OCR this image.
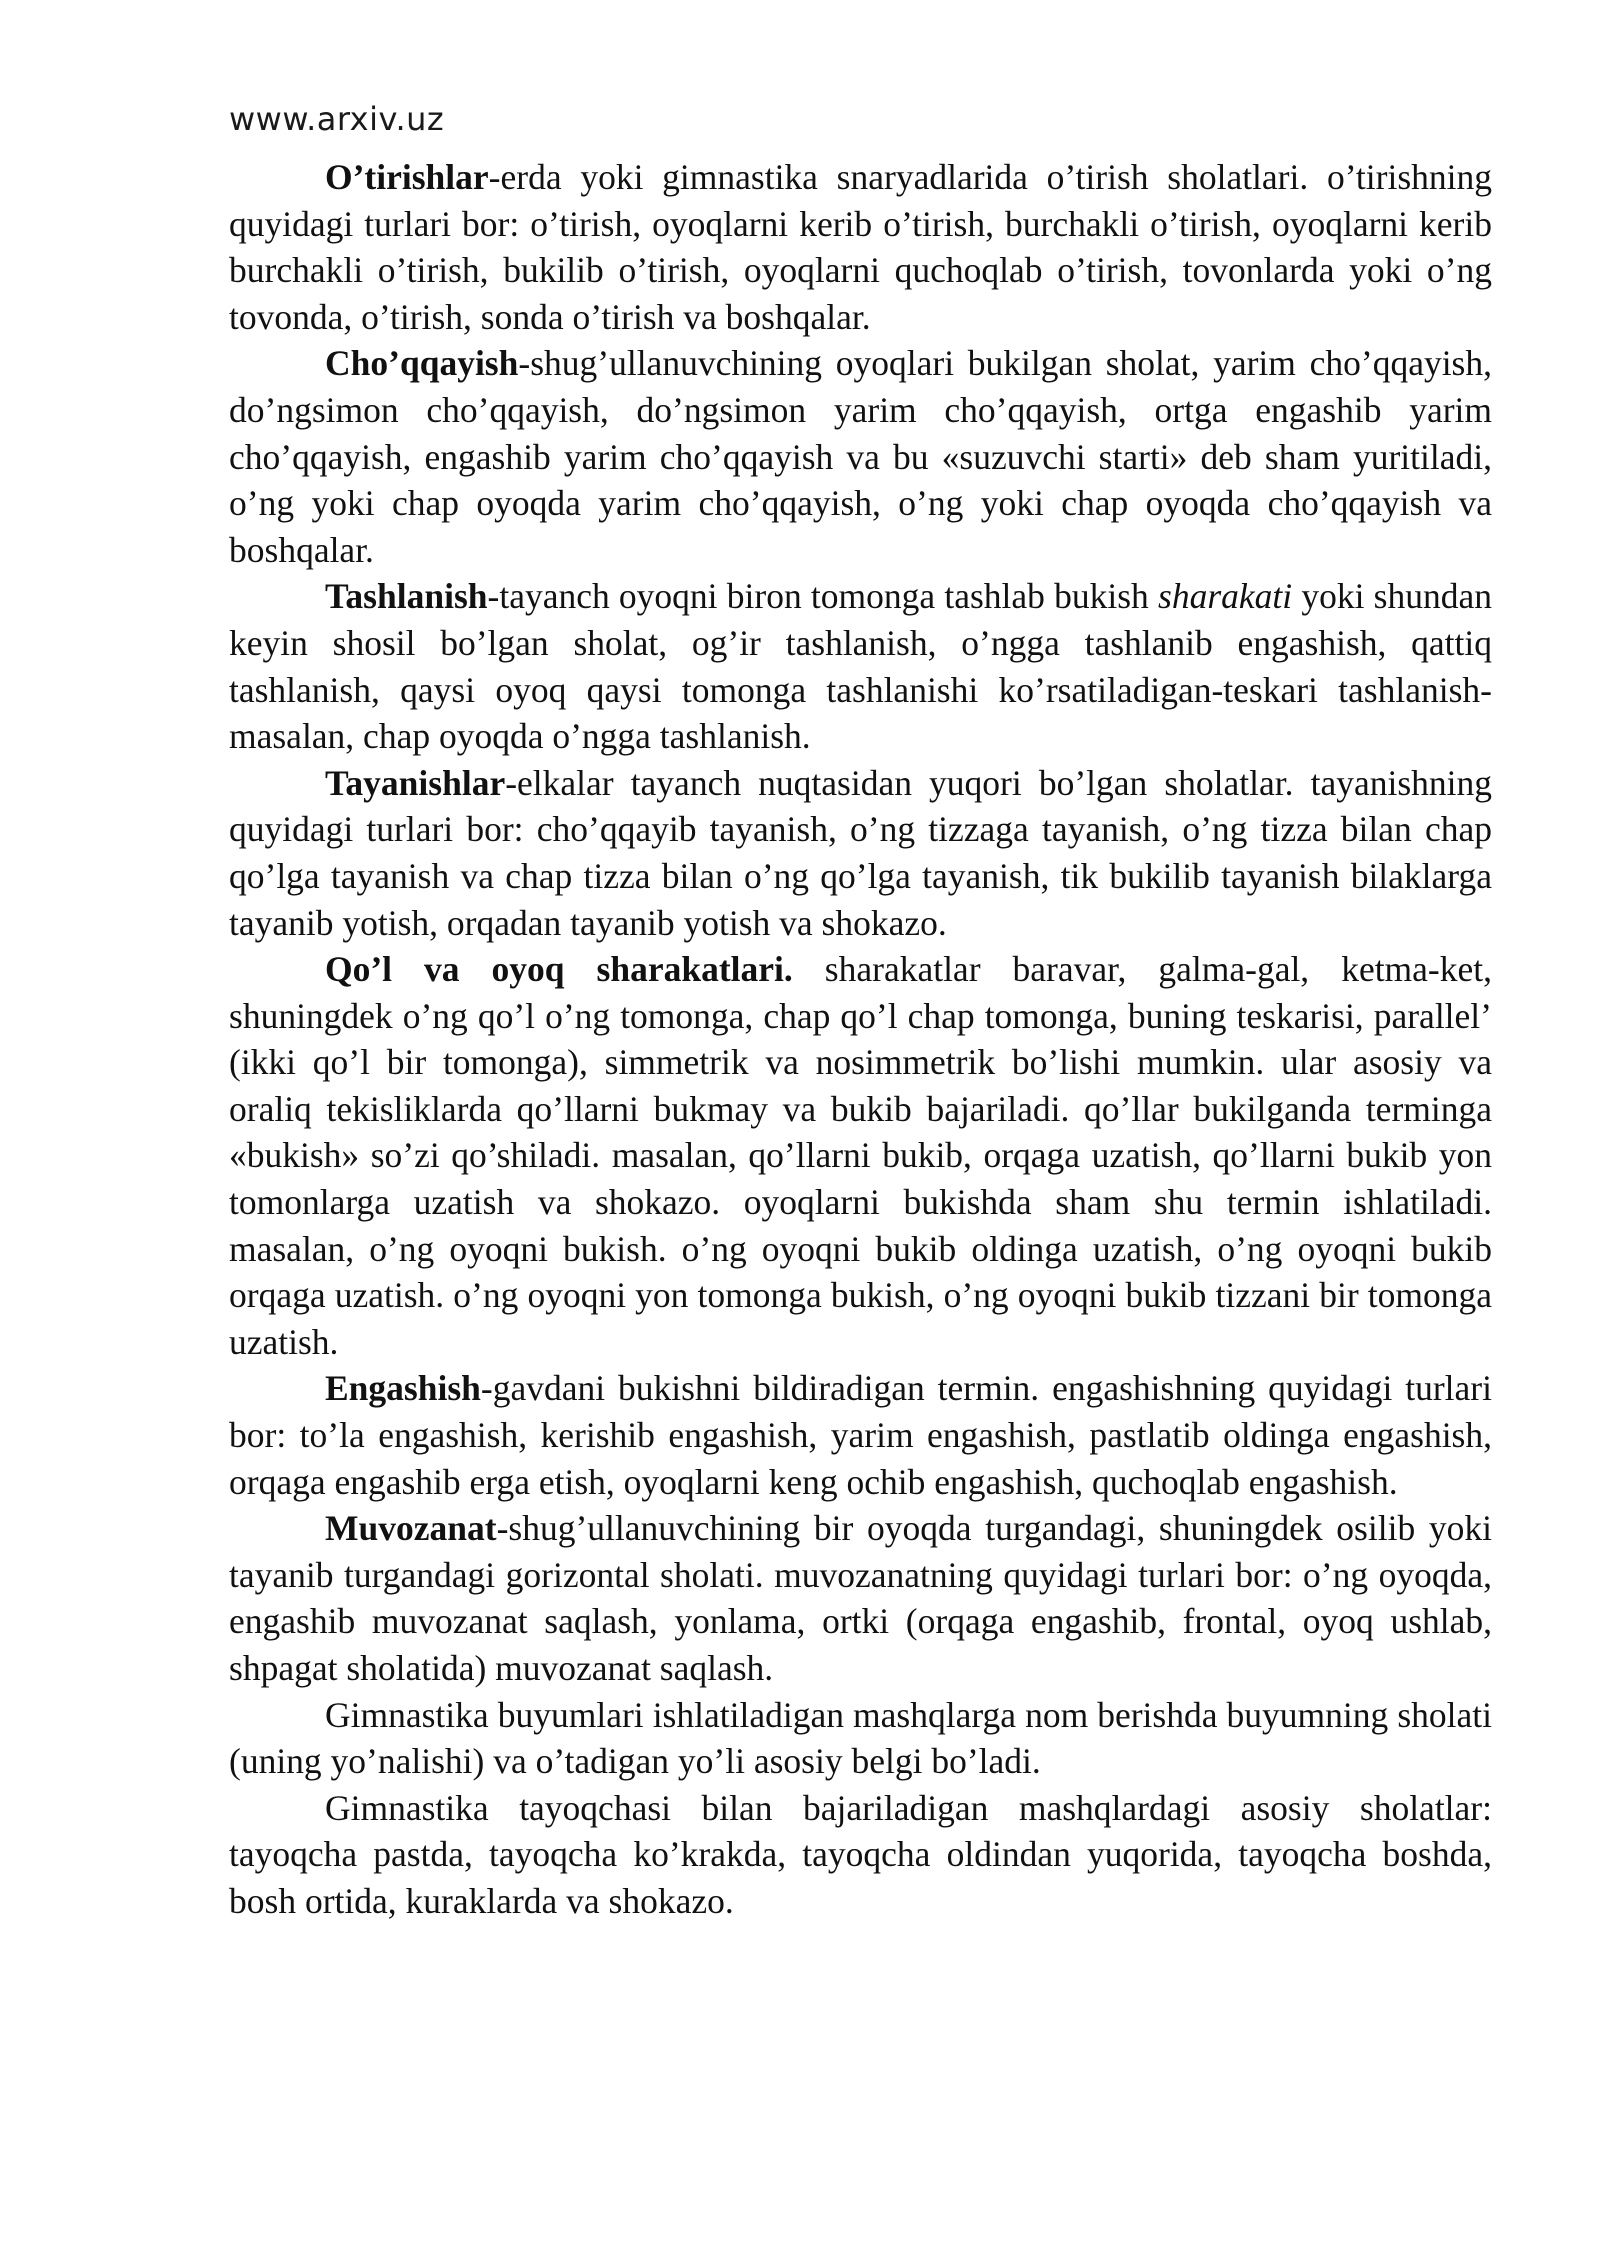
www.arxiv.uz

O’tirishlar-erda yoki gimnastika snaryadlarida o’tirish sholatlari. o’tirishning quyidagi turlari bor: o’tirish, oyoqlarni kerib o’tirish, burchakli o’tirish, oyoqlarni kerib burchakli o’tirish, bukilib o’tirish, oyoqlarni quchoqlab o’tirish, tovonlarda yoki o’ng tovonda, o’tirish, sonda o’tirish va boshqalar.

Cho’qqayish-shug’ullanuvchining oyoqlari bukilgan sholat, yarim cho’qqayish, do’ngsimon cho’qqayish, do’ngsimon yarim cho’qqayish, ortga engashib yarim cho’qqayish, engashib yarim cho’qqayish va bu «suzuvchi starti» deb sham yuritiladi, o’ng yoki chap oyoqda yarim cho’qqayish, o’ng yoki chap oyoqda cho’qqayish va boshqalar.

Tashlanish-tayanch oyoqni biron tomonga tashlab bukish sharakati yoki shundan keyin shosil bo’lgan sholat, og’ir tashlanish, o’ngga tashlanib engashish, qattiq tashlanish, qaysi oyoq qaysi tomonga tashlanishi ko’rsatiladigan-teskari tashlanish-masalan, chap oyoqda o’ngga tashlanish.

Tayanishlar-elkalar tayanch nuqtasidan yuqori bo’lgan sholatlar. tayanishning quyidagi turlari bor: cho’qqayib tayanish, o’ng tizzaga tayanish, o’ng tizza bilan chap qo’lga tayanish va chap tizza bilan o’ng qo’lga tayanish, tik bukilib tayanish bilaklarga tayanib yotish, orqadan tayanib yotish va shokazo.

Qo’l va oyoq sharakatlari. sharakatlar baravar, galma-gal, ketma-ket, shuningdek o’ng qo’l o’ng tomonga, chap qo’l chap tomonga, buning teskarisi, parallel’ (ikki qo’l bir tomonga), simmetrik va nosimmetrik bo’lishi mumkin. ular asosiy va oraliq tekisliklarda qo’llarni bukmay va bukib bajariladi. qo’llar bukilganda terminga «bukish» so’zi qo’shiladi. masalan, qo’llarni bukib, orqaga uzatish, qo’llarni bukib yon tomonlarga uzatish va shokazo. oyoqlarni bukishda sham shu termin ishlatiladi. masalan, o’ng oyoqni bukish. o’ng oyoqni bukib oldinga uzatish, o’ng oyoqni bukib orqaga uzatish. o’ng oyoqni yon tomonga bukish, o’ng oyoqni bukib tizzani bir tomonga uzatish.

Engashish-gavdani bukishni bildiradigan termin. engashishning quyidagi turlari bor: to’la engashish, kerishib engashish, yarim engashish, pastlatib oldinga engashish, orqaga engashib erga etish, oyoqlarni keng ochib engashish, quchoqlab engashish.

Muvozanat-shug’ullanuvchining bir oyoqda turgandagi, shuningdek osilib yoki tayanib turgandagi gorizontal sholati. muvozanatning quyidagi turlari bor: o’ng oyoqda, engashib muvozanat saqlash, yonlama, ortki (orqaga engashib, frontal, oyoq ushlab, shpagat sholatida) muvozanat saqlash.

Gimnastika buyumlari ishlatiladigan mashqlarga nom berishda buyumning sholati (uning yo’nalishi) va o’tadigan yo’li asosiy belgi bo’ladi.

Gimnastika tayoqchasi bilan bajariladigan mashqlardagi asosiy sholatlar: tayoqcha pastda, tayoqcha ko’krakda, tayoqcha oldindan yuqorida, tayoqcha boshda, bosh ortida, kuraklarda va shokazo.
